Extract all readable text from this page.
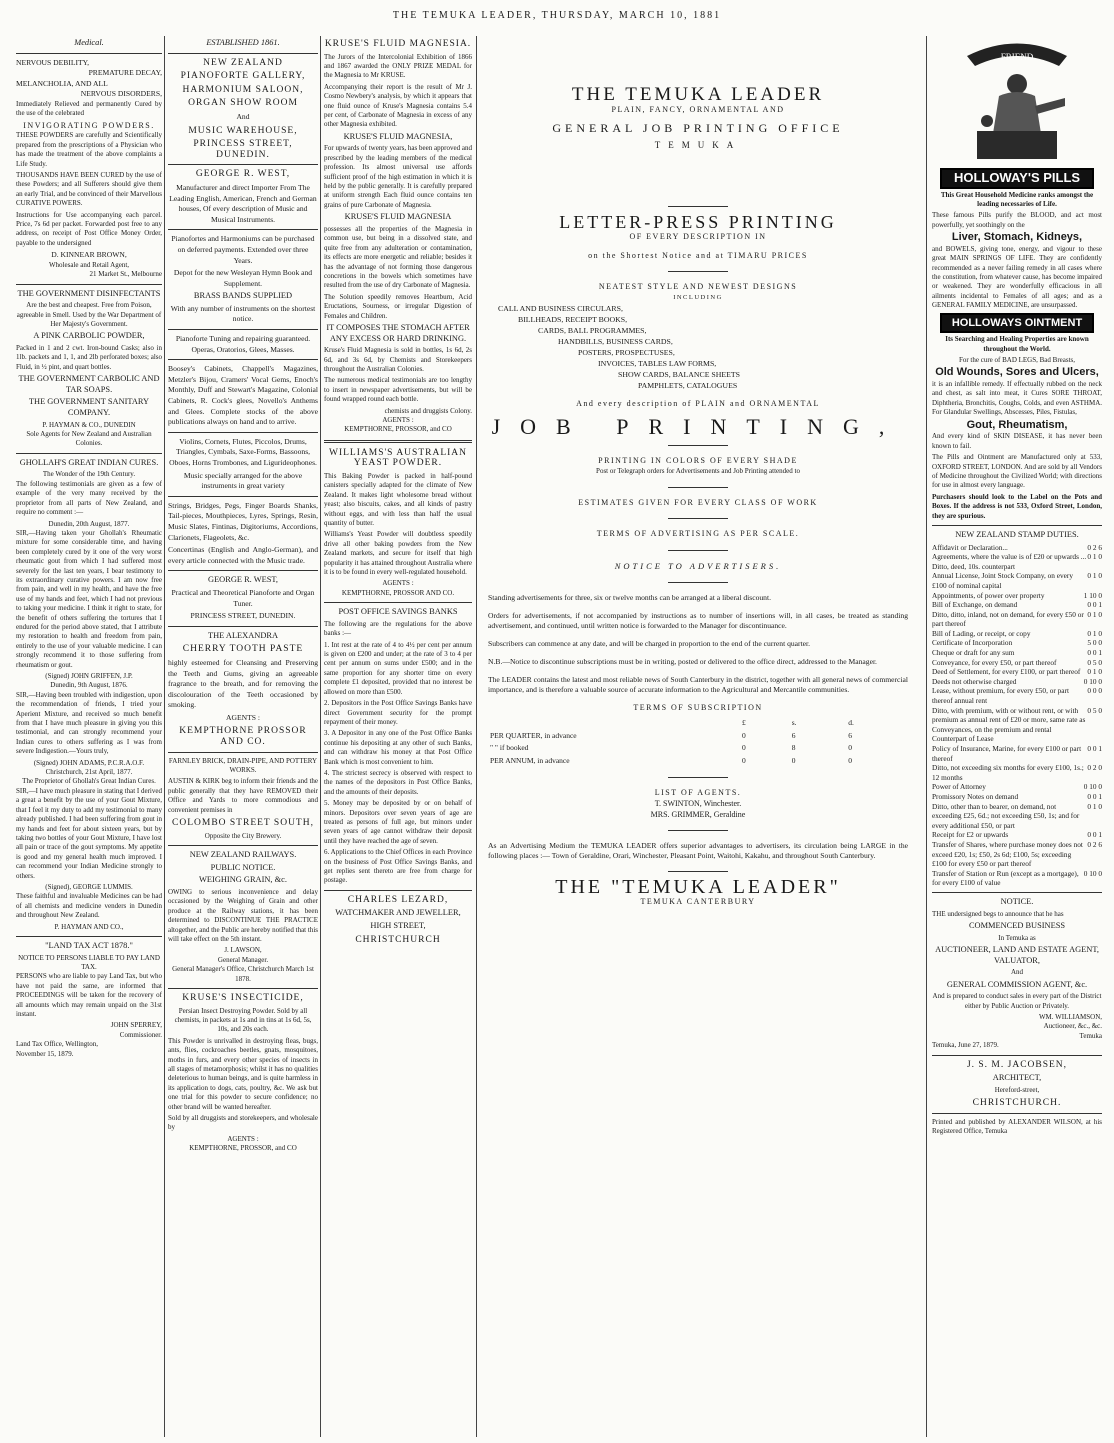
THE TEMUKA LEADER, THURSDAY, MARCH 10, 1881
Medical.
NERVOUS DEBILITY,
PREMATURE DECAY,
MELANCHOLIA, AND ALL
NERVOUS DISORDERS,

Immediately Relieved and permanently Cured by the use of the celebrated

INVIGORATING POWDERS.

THESE POWDERS are carefully and Scientifically prepared from the prescriptions of a Physician who has made the treatment of the above complaints a Life Study.

THOUSANDS HAVE BEEN CURED by the use of these Powders; and all Sufferers should give them an early Trial, and be convinced of their Marvellous CURATIVE POWERS.

Instructions for Use accompanying each parcel. Price, 7s 6d per packet. Forwarded post free to any address, on receipt of Post Office Money Order, payable to the undersigned

D. KINNEAR BROWN,
Wholesale and Retail Agent,
21 Market St., Melbourne
THE GOVERNMENT DISINFECTANTS

Are the best and cheapest. Free from Poison, agreeable in Smell. Used by the War Department of Her Majesty's Government.

A PINK CARBOLIC POWDER,

Packed in 1 and 2 cwt. Iron-bound Casks; also in 1lb. packets and 1, 1, and 2lb perforated boxes; also Fluid, in ½ pint, and quart bottles.

THE GOVERNMENT CARBOLIC AND TAR SOAPS.
THE GOVERNMENT SANITARY COMPANY.
P. HAYMAN & CO., DUNEDIN
Sole Agents for New Zealand and Australian Colonies.
GHOLLAH'S GREAT INDIAN CURES.
The Wonder of the 19th Century.

The following testimonials are given as a few of example of the very many received by the proprietor from all parts of New Zealand, and require no comment :—

Dunedin, 20th August, 1877.

SIR,—Having taken your Ghollah's Rheumatic mixture for some considerable time, and having been completely cured by it one of the very worst rheumatic gout from which I had suffered most severely for the last ten years, I bear testimony to its extraordinary curative powers. I am now free from pain, and well in my health, and have the free use of my hands and feet, which I had not previous to taking your medicine. I think it right to state, for the benefit of others suffering the tortures that I endured for the period above stated, that I attribute my restoration to health and freedom from pain, entirely to the use of your valuable medicine. I can strongly recommend it to those suffering from rheumatism or gout.

(Signed) JOHN GRIFFEN, J.P.
Dunedin, 9th August, 1876.

SIR,—Having been troubled with indigestion, upon the recommendation of friends, I tried your Aperient Mixture, and received so much benefit from that I have much pleasure in giving you this testimonial, and can strongly recommend your Indian cures to others suffering as I was from severe Indigestion.—Yours truly,

(Signed) JOHN ADAMS, P.C.R.A.O.F.
Christchurch, 21st April, 1877.
The Proprietor of Ghollah's Great Indian Cures.

SIR,—I have much pleasure in stating that I derived a great a benefit by the use of your Gout Mixture, that I feel it my duty to add my testimonial to many already published. I had been suffering from gout in my hands and feet for about sixteen years, but by taking two bottles of your Gout Mixture, I have lost all pain or trace of the gout symptoms. My appetite is good and my general health much improved. I can recommend your Indian Medicine strongly to others.

(Signed), GEORGE LUMMIS.

These faithful and invaluable Medicines can be had of all chemists and medicine venders in Dunedin and throughout New Zealand.

P. HAYMAN AND CO.,
"LAND TAX ACT 1878."
NOTICE TO PERSONS LIABLE TO PAY LAND TAX.

PERSONS who are liable to pay Land Tax, but who have not paid the same, are informed that PROCEEDINGS will be taken for the recovery of all amounts which may remain unpaid on the 31st instant.

JOHN SPERREY,
Commissioner.
Land Tax Office, Wellington,
November 15, 1879.
ESTABLISHED 1861.
NEW ZEALAND
PIANOFORTE GALLERY,
HARMONIUM SALOON,
ORGAN SHOW ROOM
And
MUSIC WAREHOUSE,
PRINCESS STREET, DUNEDIN.
GEORGE R. WEST,

Manufacturer and direct Importer From The Leading English, American, French and German houses, Of every description of Music and Musical Instruments.

Pianofortes and Harmoniums can be purchased on deferred payments. Extended over three Years.

Depot for the new Wesleyan Hymn Book and Supplement.

BRASS BANDS SUPPLIED

With any number of instruments on the shortest notice.

Pianoforte Tuning and repairing guaranteed. Operas, Oratorios, Glees, Masses.

Boosey's Cabinets, Chappell's Magazines, Metzler's Bijou, Cramers' Vocal Gems, Enoch's Monthly, Duff and Stewart's Magazine, Colonial Cabinets, R. Cock's glees, Novello's Anthems and Glees. Complete stocks of the above publications always on hand and to arrive.

Violins, Cornets, Flutes, Piccolos, Drums, Triangles, Cymbals, Saxe-Forms, Bassoons, Oboes, Horns Trombones, and Ligurideophones.

Music specially arranged for the above instruments in great variety

Strings, Bridges, Pegs, Finger Boards Shanks, Tail-pieces, Mouthpieces, Lyres, Springs, Resin, Music Slates, Fintinas, Digitoriums, Accordions, Clarionets, Flageolets, &c.

Concertinas (English and Anglo-German), and every article connected with the Music trade.

GEORGE R. WEST,

Practical and Theoretical Pianoforte and Organ Tuner.

PRINCESS STREET, DUNEDIN.
THE ALEXANDRA
CHERRY TOOTH PASTE

highly esteemed for Cleansing and Preserving the Teeth and Gums, giving an agreeable fragrance to the breath, and for removing the discolouration of the Teeth occasioned by smoking.

AGENTS :
KEMPTHORNE PROSSOR AND CO.
FARNLEY BRICK, DRAIN-PIPE, AND POTTERY WORKS.

AUSTIN & KIRK beg to inform their friends and the public generally that they have REMOVED their Office and Yards to more commodious and convenient premises in

COLOMBO STREET SOUTH,
Opposite the City Brewery.
NEW ZEALAND RAILWAYS.
PUBLIC NOTICE.
WEIGHING GRAIN, &c.

OWING to serious inconvenience and delay occasioned by the Weighing of Grain and other produce at the Railway stations, it has been determined to DISCONTINUE THE PRACTICE altogether, and the Public are hereby notified that this will take effect on the 5th instant.

J. LAWSON,
General Manager.
General Manager's Office, Christchurch March 1st 1878.
KRUSE'S INSECTICIDE,

Persian Insect Destroying Powder. Sold by all chemists, in packets at 1s and in tins at 1s 6d, 5s, 10s, and 20s each.

This Powder is unrivalled in destroying fleas, bugs, ants, flies, cockroaches beetles, gnats, mosquitoes, moths in furs, and every other species of insects in all stages of metamorphosis; whilst it has no qualities deleterious to human beings, and is quite harmless in its application to dogs, cats, poultry, &c. We ask but one trial for this powder to secure confidence; no other brand will be wanted hereafter.

Sold by all druggists and storekeepers, and wholesale by

AGENTS :
KEMPTHORNE, PROSSOR, and CO
KRUSE'S FLUID MAGNESIA.

The Jurors of the Intercolonial Exhibition of 1866 and 1867 awarded the ONLY PRIZE MEDAL for the Magnesia to Mr KRUSE.

Accompanying their report is the result of Mr J. Cosmo Newbery's analysis, by which it appears that one fluid ounce of Kruse's Magnesia contains 5.4 per cent, of Carbonate of Magnesia in excess of any other Magnesia exhibited.

KRUSE'S FLUID MAGNESIA,

For upwards of twenty years, has been approved and prescribed by the leading members of the medical profession. Its almost universal use affords sufficient proof of the high estimation in which it is held by the public generally. It is carefully prepared at uniform strength Each fluid ounce contains ten grains of pure Carbonate of Magnesia.

KRUSE'S FLUID MAGNESIA

possesses all the properties of the Magnesia in common use, but being in a dissolved state, and quite free from any adulteration or contamination, its effects are more energetic and reliable; besides it has the advantage of not forming those dangerous concretions in the bowels which sometimes have resulted from the use of dry Carbonate of Magnesia.

The Solution speedily removes Heartburn, Acid Eructations, Sourness, or irregular Digestion of Females and Children.

IT COMPOSES THE STOMACH AFTER ANY EXCESS OR HARD DRINKING.

Kruse's Fluid Magnesia is sold in bottles, 1s 6d, 2s 6d, and 3s 6d, by Chemists and Storekeepers throughout the Australian Colonies.

The numerous medical testimonials are too lengthy to insert in newspaper advertisements, but will be found wrapped round each bottle.

chemists and druggists Colony.
AGENTS :
KEMPTHORNE, PROSSOR, and CO
WILLIAMS'S AUSTRALIAN YEAST POWDER.

This Baking Powder is packed in half-pound canisters specially adapted for the climate of New Zealand. It makes light wholesome bread without yeast; also biscuits, cakes, and all kinds of pastry without eggs, and with less than half the usual quantity of butter.

Williams's Yeast Powder will doubtless speedily drive all other baking powders from the New Zealand markets, and secure for itself that high popularity it has attained throughout Australia where it is to be found in every well-regulated household.

AGENTS :
KEMPTHORNE, PROSSOR AND CO.
POST OFFICE SAVINGS BANKS

The following are the regulations for the above banks :—

1. Int rest at the rate of 4 to 4½ per cent per annum is given on £200 and under; at the rate of 3 to 4 per cent per annum on sums under £500; and in the same proportion for any shorter time on every complete £1 deposited, provided that no interest be allowed on more than £500.

2. Depositors in the Post Office Savings Banks have direct Government security for the prompt repayment of their money.

3. A Depositor in any one of the Post Office Banks continue his depositing at any other of such Banks, and can withdraw his money at that Post Office Bank which is most convenient to him.

4. The strictest secrecy is observed with respect to the names of the depositors in Post Office Banks, and the amounts of their deposits.

5. Money may be deposited by or on behalf of minors. Depositors over seven years of age are treated as persons of full age, but minors under seven years of age cannot withdraw their deposit until they have reached the age of seven.

6. Applications to the Chief Offices in each Province on the business of Post Office Savings Banks, and get replies sent thereto are free from charge for postage.

CHARLES LEZARD,
WATCHMAKER AND JEWELLER,
HIGH STREET,
CHRISTCHURCH
THE TEMUKA LEADER
PLAIN, FANCY, ORNAMENTAL AND
GENERAL JOB PRINTING OFFICE
TEMUKA
LETTER-PRESS PRINTING
OF EVERY DESCRIPTION IN
on the Shortest Notice and at TIMARU PRICES
NEATEST STYLE AND NEWEST DESIGNS
INCLUDING
CALL AND BUSINESS CIRCULARS,
BILLHEADS, RECEIPT BOOKS,
CARDS, BALL PROGRAMMES,
HANDBILLS, BUSINESS CARDS,
POSTERS, PROSPECTUSES,
INVOICES, TABLES LAW FORMS,
SHOW CARDS, BALANCE SHEETS
PAMPHLETS, CATALOGUES
And every description of PLAIN and ORNAMENTAL
JOB PRINTING,
PRINTING IN COLORS OF EVERY SHADE
Post or Telegraph orders for Advertisements and Job Printing attended to
ESTIMATES GIVEN FOR EVERY CLASS OF WORK
TERMS OF ADVERTISING AS PER SCALE.
NOTICE TO ADVERTISERS.

Standing advertisements for three, six or twelve months can be arranged at a liberal discount.

Orders for advertisements, if not accompanied by instructions as to number of insertions will, in all cases, be treated as standing advertisement, and continued, until written notice is forwarded to the Manager for discontinuance.

Subscribers can commence at any date, and will be charged in proportion to the end of the current quarter.

N.B.—Notice to discontinue subscriptions must be in writing, posted or delivered to the office direct, addressed to the Manager.

The LEADER contains the latest and most reliable news of South Canterbury in the district, together with all general news of commercial importance, and is therefore a valuable source of accurate information to the Agricultural and Mercantile communities.

TERMS OF SUBSCRIPTION
	£	s.	d.
PER QUARTER, in advance	0	6	6
" " if booked	0	8	0
PER ANNUM, in advance	0	0	0
LIST OF AGENTS.
T. SWINTON, Winchester.
MRS. GRIMMER, Geraldine

As an Advertising Medium the TEMUKA LEADER offers superior advantages to advertisers, its circulation being LARGE in the following places :— Town of Geraldine, Orari, Winchester, Pleasant Point, Waitohi, Kakahu, and throughout South Canterbury.

THE "TEMUKA LEADER"
TEMUKA CANTERBURY
FRIEND
HOLLOWAY'S PILLS

This Great Household Medicine ranks amongst the leading necessaries of Life.

These famous Pills purify the BLOOD, and act most powerfully, yet soothingly on the

Liver, Stomach, Kidneys,

and BOWELS, giving tone, energy, and vigour to these great MAIN SPRINGS OF LIFE. They are confidently recommended as a never failing remedy in all cases where the constitution, from whatever cause, has become impaired or weakened. They are wonderfully efficacious in all ailments incidental to Females of all ages; and as a GENERAL FAMILY MEDICINE, are unsurpassed.

HOLLOWAYS OINTMENT

Its Searching and Healing Properties are known throughout the World.

For the cure of BAD LEGS, Bad Breasts,

Old Wounds, Sores and Ulcers,

it is an infallible remedy. If effectually rubbed on the neck and chest, as salt into meat, it Cures SORE THROAT, Diphtheria, Bronchitis, Coughs, Colds, and even ASTHMA. For Glandular Swellings, Abscesses, Piles, Fistulas,

Gout, Rheumatism,

And every kind of SKIN DISEASE, it has never been known to fail.

The Pills and Ointment are Manufactured only at 533, OXFORD STREET, LONDON. And are sold by all Vendors of Medicine throughout the Civilized World; with directions for use in almost every language.

Purchasers should look to the Label on the Pots and Boxes. If the address is not 533, Oxford Street, London, they are spurious.

NEW ZEALAND STAMP DUTIES.
Affidavit or Declaration...	0 2 6
Agreements, where the value is of £20 or upwards ... 0 1 0
Ditto, deed, 10s. counterpart
Annual License, Joint Stock Company, on every £100 of nominal capital
0 1 0
Appointments, of power over property	1 10 0
Bill of Exchange, on demand	0 0 1
Ditto, ditto, inland, not on demand, for every £50 or part thereof
0 1 0
Bill of Lading, or receipt, or copy	0 1 0
Certificate of Incorporation	5 0 0
Cheque or draft for any sum	0 0 1
Conveyance, for every £50, or part thereof	0 5 0
Deed of Settlement, for every £100, or part thereof 0 1 0
Deeds not otherwise charged	0 10 0
Lease, without premium, for every £50, or part thereof annual rent
0 0 0
Ditto, with premium, with or without rent, or with premium as annual rent of £20 or more, same rate as Conveyances, on the premium and rental Counterpart of Lease
0 5 0
Policy of Insurance, Marine, for every £100 or part thereof
0 0 1
Ditto, not exceeding six months for every £100, 1s.; 12 months
0 2 0
Power of Attorney	0 10 0
Promissory Notes on demand	0 0 1
Ditto, other than to bearer, on demand, not exceeding £25, 6d.; not exceeding £50, 1s; and for every additional £50, or part
0 1 0
Receipt for £2 or upwards	0 0 1
Transfer of Shares, where purchase money does not exceed £20, 1s; £50, 2s 6d; £100, 5s; exceeding £100 for every £50 or part thereof
0 2 6
Transfer of Station or Run (except as a mortgage), for every £100 of value
0 10 0
NOTICE.

THE undersigned begs to announce that he has

COMMENCED BUSINESS
In Temuka as
AUCTIONEER, LAND AND ESTATE AGENT, VALUATOR,
And
GENERAL COMMISSION AGENT, &c.

And is prepared to conduct sales in every part of the District either by Public Auction or Privately.

WM. WILLIAMSON,
Auctioneer, &c., &c.
Temuka
Temuka, June 27, 1879.
J. S. M. JACOBSEN,
ARCHITECT,
Hereford-street,
CHRISTCHURCH.

Printed and published by ALEXANDER WILSON, at his Registered Office, Temuka
